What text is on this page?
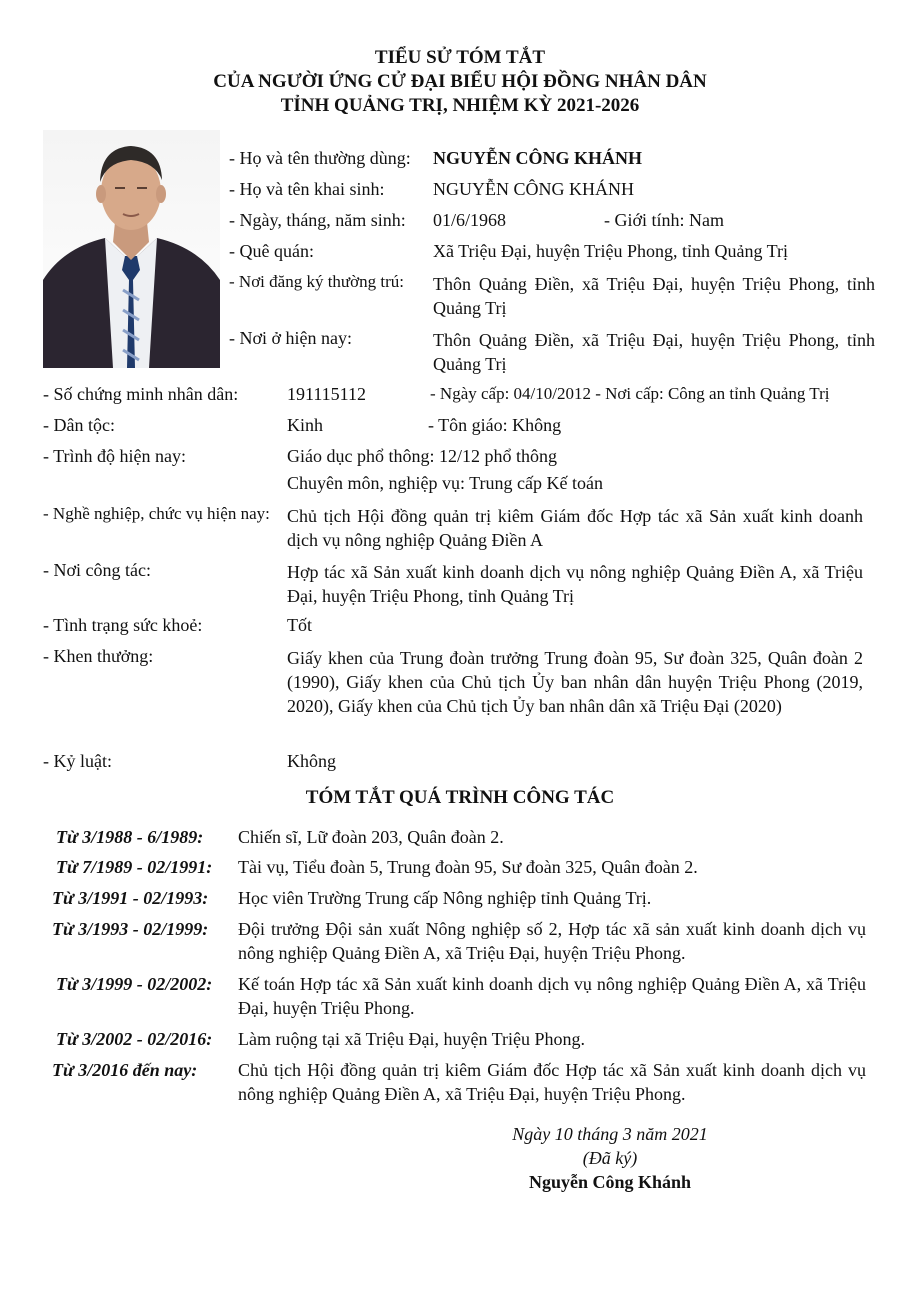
TIỂU SỬ TÓM TẮT
CỦA NGƯỜI ỨNG CỬ ĐẠI BIỂU HỘI ĐỒNG NHÂN DÂN
TỈNH QUẢNG TRỊ, NHIỆM KỲ 2021-2026
- Họ và tên thường dùng: NGUYỄN CÔNG KHÁNH
- Họ và tên khai sinh:	NGUYỄN CÔNG KHÁNH
- Ngày, tháng, năm sinh: 01/6/1968	- Giới tính: Nam
- Quê quán:	Xã Triệu Đại, huyện Triệu Phong, tỉnh Quảng Trị
- Nơi đăng ký thường trú: Thôn Quảng Điền, xã Triệu Đại, huyện Triệu Phong, tỉnh Quảng Trị
- Nơi ở hiện nay:	Thôn Quảng Điền, xã Triệu Đại, huyện Triệu Phong, tỉnh Quảng Trị
- Số chứng minh nhân dân:	191115112	- Ngày cấp: 04/10/2012 - Nơi cấp: Công an tỉnh Quảng Trị
- Dân tộc:	Kinh	- Tôn giáo: Không
- Trình độ hiện nay:	Giáo dục phổ thông: 12/12 phổ thông
Chuyên môn, nghiệp vụ: Trung cấp Kế toán
- Nghề nghiệp, chức vụ hiện nay: Chủ tịch Hội đồng quản trị kiêm Giám đốc Hợp tác xã Sản xuất kinh doanh dịch vụ nông nghiệp Quảng Điền A
- Nơi công tác:	Hợp tác xã Sản xuất kinh doanh dịch vụ nông nghiệp Quảng Điền A, xã Triệu Đại, huyện Triệu Phong, tỉnh Quảng Trị
- Tình trạng sức khoẻ:	Tốt
- Khen thưởng:	Giấy khen của Trung đoàn trưởng Trung đoàn 95, Sư đoàn 325, Quân đoàn 2 (1990), Giấy khen của Chủ tịch Ủy ban nhân dân huyện Triệu Phong (2019, 2020), Giấy khen của Chủ tịch Ủy ban nhân dân xã Triệu Đại (2020)
- Kỷ luật:	Không
TÓM TẮT QUÁ TRÌNH CÔNG TÁC
Từ 3/1988 - 6/1989: Chiến sĩ, Lữ đoàn 203, Quân đoàn 2.
Từ 7/1989 - 02/1991: Tài vụ, Tiểu đoàn 5, Trung đoàn 95, Sư đoàn 325, Quân đoàn 2.
Từ 3/1991 - 02/1993: Học viên Trường Trung cấp Nông nghiệp tỉnh Quảng Trị.
Từ 3/1993 - 02/1999: Đội trưởng Đội sản xuất Nông nghiệp số 2, Hợp tác xã sản xuất kinh doanh dịch vụ nông nghiệp Quảng Điền A, xã Triệu Đại, huyện Triệu Phong.
Từ 3/1999 - 02/2002: Kế toán Hợp tác xã Sản xuất kinh doanh dịch vụ nông nghiệp Quảng Điền A, xã Triệu Đại, huyện Triệu Phong.
Từ 3/2002 - 02/2016: Làm ruộng tại xã Triệu Đại, huyện Triệu Phong.
Từ 3/2016 đến nay: Chủ tịch Hội đồng quản trị kiêm Giám đốc Hợp tác xã Sản xuất kinh doanh dịch vụ nông nghiệp Quảng Điền A, xã Triệu Đại, huyện Triệu Phong.
Ngày 10 tháng 3 năm 2021
(Đã ký)
Nguyễn Công Khánh
